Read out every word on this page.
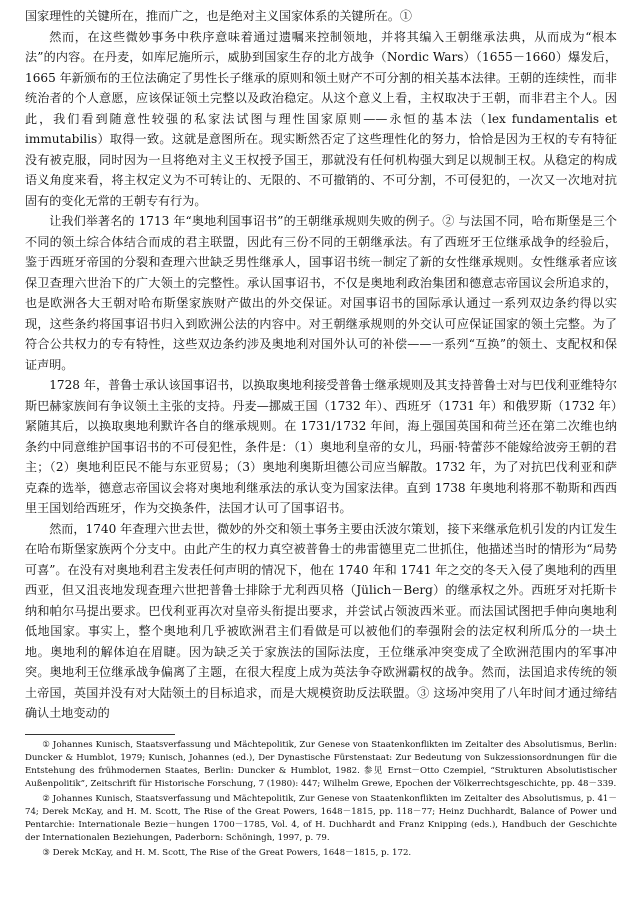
国家理性的关键所在，推而广之，也是绝对主义国家体系的关键所在。①

然而，在这些微妙事务中秩序意味着通过遗嘱来控制领地，并将其编入王朝继承法典，从而成为“根本法”的内容。在丹麦，如库尼施所示，威胁到国家生存的北方战争（Nordic Wars）（1655－1660）爆发后，1665 年新颁布的王位法确定了男性长子继承的原则和领土财产不可分割的相关基本法律。王朝的连续性，而非统治者的个人意愿，应该保证领土完整以及政治稳定。从这个意义上看，主权取决于王朝，而非君主个人。因此，我们看到随意性较强的私家法试图与理性国家原则——永恒的基本法（lex fundamentalis et immutabilis）取得一致。这就是意图所在。现实断然否定了这些理性化的努力，恰恰是因为王权的专有特征没有被克服，同时因为一旦将绝对主义王权授予国王，那就没有任何机构强大到足以规制王权。从稳定的构成语义角度来看，将主权定义为不可转让的、无限的、不可撤销的、不可分割，不可侵犯的，一次又一次地对抗固有的变化无常的王朝专有行为。

让我们举著名的 1713 年“奥地利国事诏书”的王朝继承规则失败的例子。② 与法国不同，哈布斯堡是三个不同的领土综合体结合而成的君主联盟，因此有三份不同的王朝继承法。有了西班牙王位继承战争的经验后，鉴于西班牙帝国的分裂和查理六世缺乏男性继承人，国事诏书统一制定了新的女性继承规则。女性继承者应该保卫查理六世治下的广大领土的完整性。承认国事诏书，不仅是奥地利政治集团和德意志帝国议会所追求的，也是欧洲各大王朝对哈布斯堡家族财产做出的外交保证。对国事诏书的国际承认通过一系列双边条约得以实现，这些条约将国事诏书归入到欧洲公法的内容中。对王朝继承规则的外交认可应保证国家的领土完整。为了符合公共权力的专有特性，这些双边条约涉及奥地利对国外认可的补偿——一系列“互换”的领土、支配权和保证声明。

1728 年，普鲁士承认该国事诏书，以换取奥地利接受普鲁士继承规则及其支持普鲁士对与巴伐利亚维特尔斯巴赫家族间有争议领土主张的支持。丹麦—挪威王国（1732 年）、西班牙（1731 年）和俄罗斯（1732 年）紧随其后，以换取奥地利默许各自的继承规则。在 1731/1732 年间，海上强国英国和荷兰还在第二次维也纳条约中同意维护国事诏书的不可侵犯性，条件是：（1）奥地利皇帝的女儿，玛丽·特蕾莎不能嫁给波旁王朝的君主；（2）奥地利臣民不能与东亚贸易；（3）奥地利奥斯坦德公司应当解散。1732 年，为了对抗巴伐利亚和萨克森的选举，德意志帝国议会将对奥地利继承法的承认变为国家法律。直到 1738 年奥地利将那不勒斯和西西里王国划给西班牙，作为交换条件，法国才认可了国事诏书。

然而，1740 年查理六世去世，微妙的外交和领土事务主要由沃波尔策划，接下来继承危机引发的内讧发生在哈布斯堡家族两个分支中。由此产生的权力真空被普鲁士的弗雷德里克二世抓住，他描述当时的情形为“局势可喜”。在没有对奥地利君主发表任何声明的情况下，他在 1740 年和 1741 年之交的冬天入侵了奥地利的西里西亚，但又沮丧地发现查理六世把普鲁士排除于尤利西贝格（Jülich－Berg）的继承权之外。西班牙对托斯卡纳和帕尔马提出要求。巴伐利亚再次对皇帝头衔提出要求，并尝试占领波西米亚。而法国试图把手伸向奥地利低地国家。事实上，整个奥地利几乎被欧洲君主们看做是可以被他们的奉强附会的法定权利所瓜分的一块土地。奥地利的解体迫在眉睫。因为缺乏关于家族法的国际法度，王位继承冲突变成了全欧洲范围内的军事冲突。奥地利王位继承战争偏离了主题，在很大程度上成为英法争夺欧洲霸权的战争。然而，法国追求传统的领土帝国，英国并没有对大陆领土的目标追求，而是大规模资助反法联盟。③ 这场冲突用了八年时间才通过缔结确认土地变动的

① Johannes Kunisch, Staatsverfassung und Mächtepolitik, Zur Genese von Staatenkonflikten im Zeitalter des Absolutismus, Berlin: Duncker & Humblot, 1979; Kunisch, Johannes (ed.), Der Dynastische Fürstenstaat: Zur Bedeutung von Sukzessionsordnungen für die Entstehung des frühmodernen Staates, Berlin: Duncker & Humblot, 1982. 参见 Ernst－Otto Czempiel, “Strukturen Absolutistischer Außenpolitik”, Zeitschrift für Historische Forschung, 7 (1980): 447; Wilhelm Grewe, Epochen der Völkerrechtsgeschichte, pp. 48－339.

② Johannes Kunisch, Staatsverfassung und Mächtepolitik, Zur Genese von Staatenkonflikten im Zeitalter des Absolutismus, p. 41－74; Derek McKay, and H. M. Scott, The Rise of the Great Powers, 1648－1815, pp. 118－77; Heinz Duchhardt, Balance of Power und Pentarchie: Internationale Bezie－hungen 1700－1785, Vol. 4, of H. Duchhardt and Franz Knipping (eds.), Handbuch der Geschichte der Internationalen Beziehungen, Paderborn: Schöningh, 1997, p. 79.

③ Derek McKay, and H. M. Scott, The Rise of the Great Powers, 1648－1815, p. 172.
